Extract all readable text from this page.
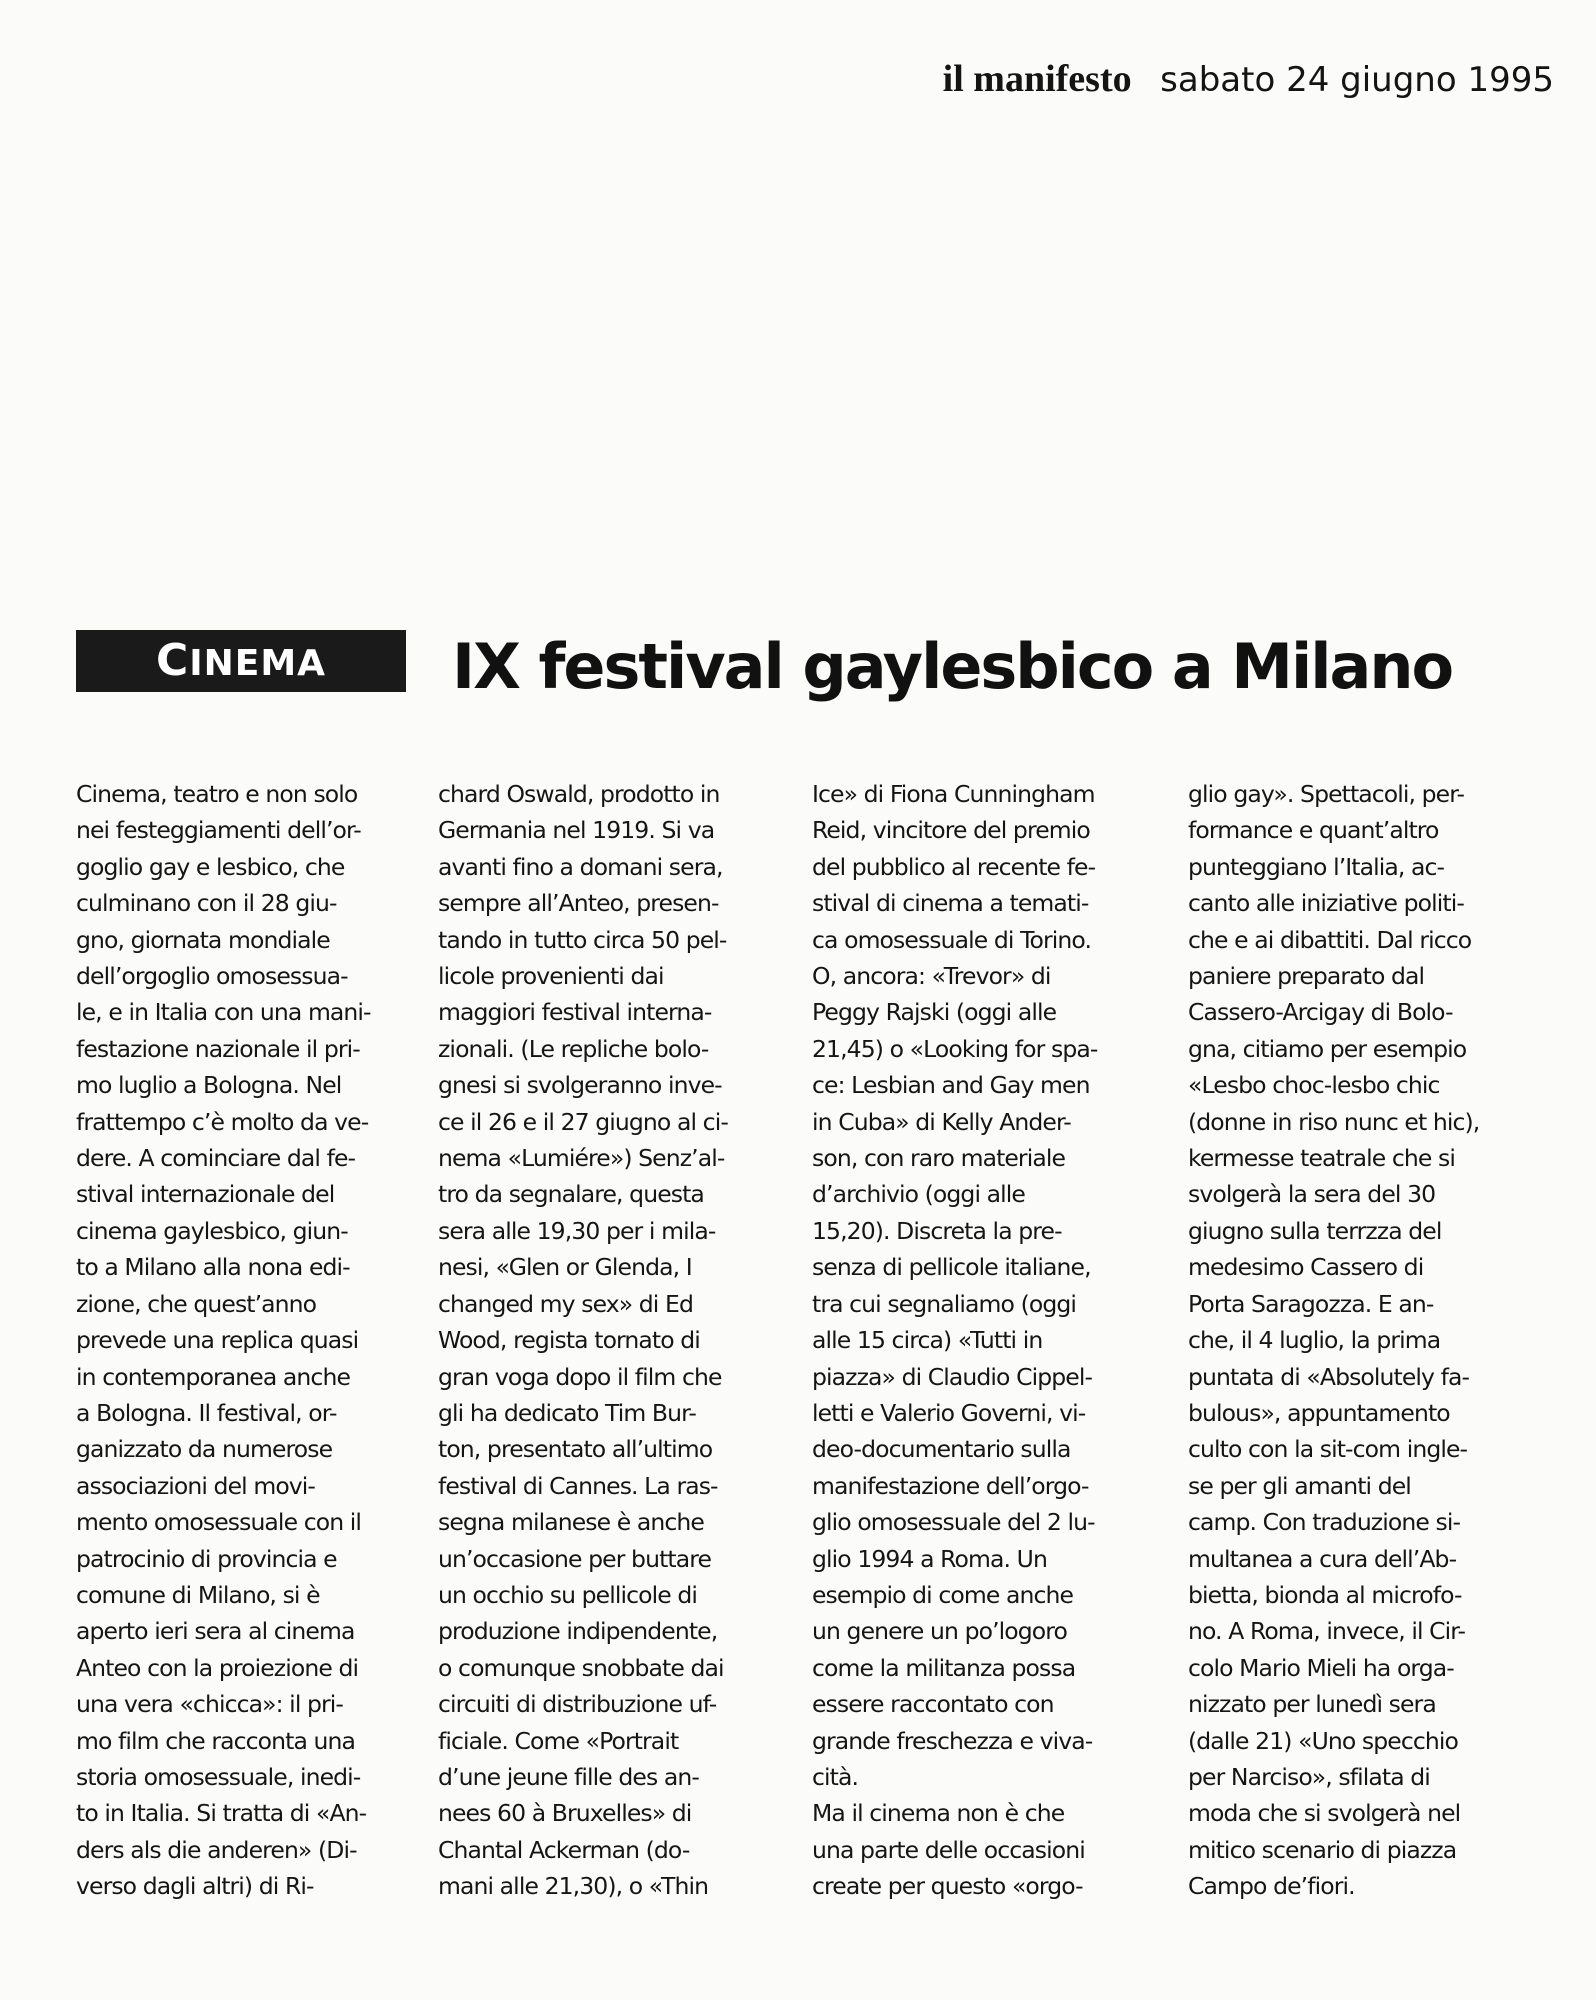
il manifesto sabato 24 giugno 1995
CINEMA	IX festival gaylesbico a Milano
Cinema, teatro e non solo
nei festeggiamenti dell’or-
goglio gay e lesbico, che
culminano con il 28 giu-
gno, giornata mondiale
dell’orgoglio omosessua-
le, e in Italia con una mani-
festazione nazionale il pri-
mo luglio a Bologna. Nel
frattempo c’è molto da ve-
dere. A cominciare dal fe-
stival internazionale del
cinema gaylesbico, giun-
to a Milano alla nona edi-
zione, che quest’anno
prevede una replica quasi
in contemporanea anche
a Bologna. Il festival, or-
ganizzato da numerose
associazioni del movi-
mento omosessuale con il
patrocinio di provincia e
comune di Milano, si è
aperto ieri sera al cinema
Anteo con la proiezione di
una vera «chicca»: il pri-
mo film che racconta una
storia omosessuale, inedi-
to in Italia. Si tratta di «An-
ders als die anderen» (Di-
verso dagli altri) di Ri-
chard Oswald, prodotto in
Germania nel 1919. Si va
avanti fino a domani sera,
sempre all’Anteo, presen-
tando in tutto circa 50 pel-
licole provenienti dai
maggiori festival interna-
zionali. (Le repliche bolo-
gnesi si svolgeranno inve-
ce il 26 e il 27 giugno al ci-
nema «Lumiére») Senz’al-
tro da segnalare, questa
sera alle 19,30 per i mila-
nesi, «Glen or Glenda, I
changed my sex» di Ed
Wood, regista tornato di
gran voga dopo il film che
gli ha dedicato Tim Bur-
ton, presentato all’ultimo
festival di Cannes. La ras-
segna milanese è anche
un’occasione per buttare
un occhio su pellicole di
produzione indipendente,
o comunque snobbate dai
circuiti di distribuzione uf-
ficiale. Come «Portrait
d’une jeune fille des an-
nees 60 à Bruxelles» di
Chantal Ackerman (do-
mani alle 21,30), o «Thin
Ice» di Fiona Cunningham
Reid, vincitore del premio
del pubblico al recente fe-
stival di cinema a temati-
ca omosessuale di Torino.
O, ancora: «Trevor» di
Peggy Rajski (oggi alle
21,45) o «Looking for spa-
ce: Lesbian and Gay men
in Cuba» di Kelly Ander-
son, con raro materiale
d’archivio (oggi alle
15,20). Discreta la pre-
senza di pellicole italiane,
tra cui segnaliamo (oggi
alle 15 circa) «Tutti in
piazza» di Claudio Cippel-
letti e Valerio Governi, vi-
deo-documentario sulla
manifestazione dell’orgo-
glio omosessuale del 2 lu-
glio 1994 a Roma. Un
esempio di come anche
un genere un po’logoro
come la militanza possa
essere raccontato con
grande freschezza e viva-
cità.
Ma il cinema non è che
una parte delle occasioni
create per questo «orgo-
glio gay». Spettacoli, per-
formance e quant’altro
punteggiano l’Italia, ac-
canto alle iniziative politi-
che e ai dibattiti. Dal ricco
paniere preparato dal
Cassero-Arcigay di Bolo-
gna, citiamo per esempio
«Lesbo choc-lesbo chic
(donne in riso nunc et hic),
kermesse teatrale che si
svolgerà la sera del 30
giugno sulla terrzza del
medesimo Cassero di
Porta Saragozza. E an-
che, il 4 luglio, la prima
puntata di «Absolutely fa-
bulous», appuntamento
culto con la sit-com ingle-
se per gli amanti del
camp. Con traduzione si-
multanea a cura dell’Ab-
bietta, bionda al microfo-
no. A Roma, invece, il Cir-
colo Mario Mieli ha orga-
nizzato per lunedì sera
(dalle 21) «Uno specchio
per Narciso», sfilata di
moda che si svolgerà nel
mitico scenario di piazza
Campo de’fiori.
